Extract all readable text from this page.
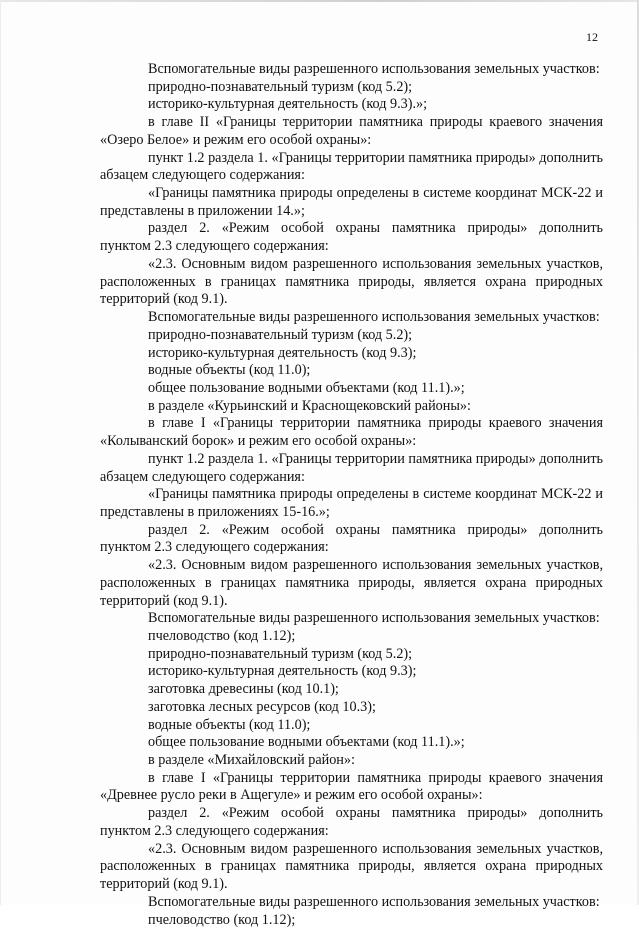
12
Вспомогательные виды разрешенного использования земельных участков:
природно-познавательный туризм (код 5.2);
историко-культурная деятельность (код 9.3).»;
в главе II «Границы территории памятника природы краевого значения
«Озеро Белое» и режим его особой охраны»:
пункт 1.2 раздела 1. «Границы территории памятника природы» дополнить
абзацем следующего содержания:
«Границы памятника природы определены в системе координат МСК-22 и
представлены в приложении 14.»;
раздел 2. «Режим особой охраны памятника природы» дополнить
пунктом 2.3 следующего содержания:
«2.3. Основным видом разрешенного использования земельных участков,
расположенных в границах памятника природы, является охрана природных
территорий (код 9.1).
Вспомогательные виды разрешенного использования земельных участков:
природно-познавательный туризм (код 5.2);
историко-культурная деятельность (код 9.3);
водные объекты (код 11.0);
общее пользование водными объектами (код 11.1).»;
в разделе «Курьинский и Краснощековский районы»:
в главе I «Границы территории памятника природы краевого значения
«Колыванский борок» и режим его особой охраны»:
пункт 1.2 раздела 1. «Границы территории памятника природы» дополнить
абзацем следующего содержания:
«Границы памятника природы определены в системе координат МСК-22 и
представлены в приложениях 15-16.»;
раздел 2. «Режим особой охраны памятника природы» дополнить
пунктом 2.3 следующего содержания:
«2.3. Основным видом разрешенного использования земельных участков,
расположенных в границах памятника природы, является охрана природных
территорий (код 9.1).
Вспомогательные виды разрешенного использования земельных участков:
пчеловодство (код 1.12);
природно-познавательный туризм (код 5.2);
историко-культурная деятельность (код 9.3);
заготовка древесины (код 10.1);
заготовка лесных ресурсов (код 10.3);
водные объекты (код 11.0);
общее пользование водными объектами (код 11.1).»;
в разделе «Михайловский район»:
в главе I «Границы территории памятника природы краевого значения
«Древнее русло реки в Ащегуле» и режим его особой охраны»:
раздел 2. «Режим особой охраны памятника природы» дополнить
пунктом 2.3 следующего содержания:
«2.3. Основным видом разрешенного использования земельных участков,
расположенных в границах памятника природы, является охрана природных
территорий (код 9.1).
Вспомогательные виды разрешенного использования земельных участков:
пчеловодство (код 1.12);
